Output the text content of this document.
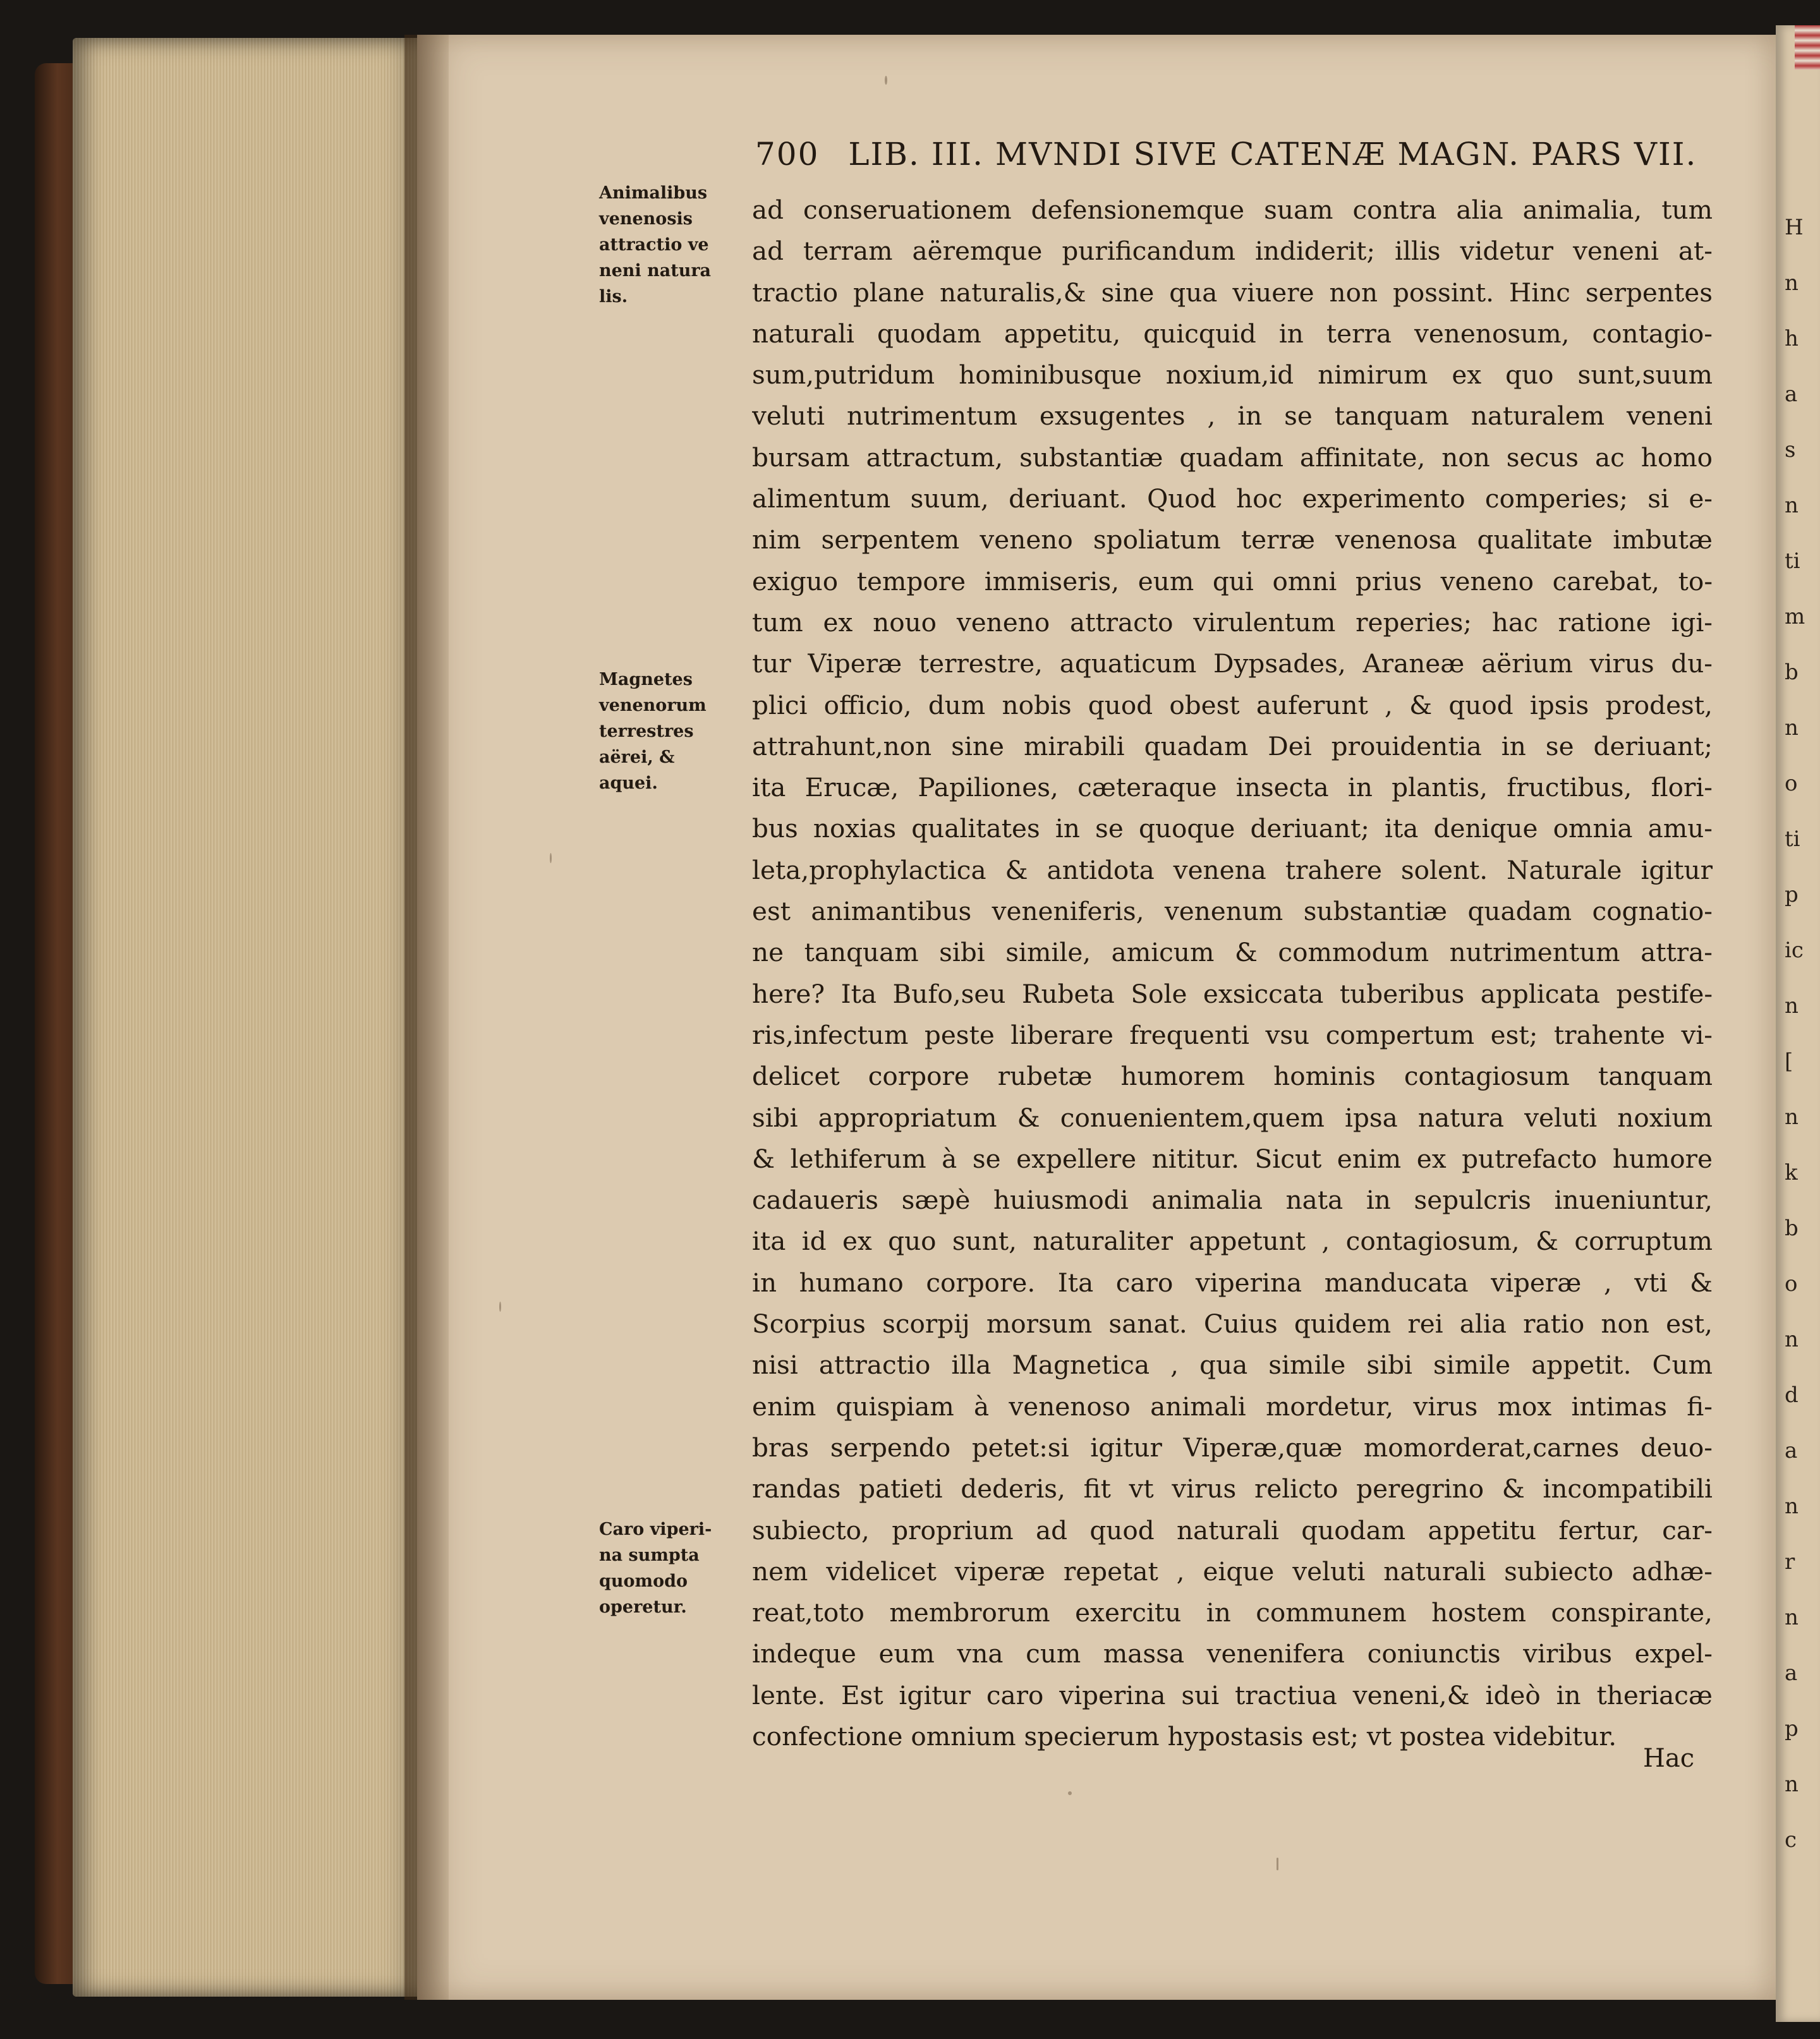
H
n
h
a
s
n
ti
m
b
n
o
ti
p
ic
n
[
n
k
b
o
n
d
a
n
r
n
a
p
n
c
700 LIB. III. MVNDI SIVE CATENÆ MAGN. PARS VII.
Animalibus
venenosis
attractio ve
neni natura
lis.
Magnetes
venenorum
terrestres
aërei, &
aquei.
Caro viperi-
na sumpta
quomodo
operetur.
ad conseruationem defensionemque suam contra alia animalia, tum
ad terram aëremque purificandum indiderit; illis videtur veneni at-
tractio plane naturalis,& sine qua viuere non possint. Hinc serpentes
naturali quodam appetitu, quicquid in terra venenosum, contagio-
sum,putridum hominibusque noxium,id nimirum ex quo sunt,suum
veluti nutrimentum exsugentes , in se tanquam naturalem veneni
bursam attractum, substantiæ quadam affinitate, non secus ac homo
alimentum suum, deriuant. Quod hoc experimento comperies; si e-
nim serpentem veneno spoliatum terræ venenosa qualitate imbutæ
exiguo tempore immiseris, eum qui omni prius veneno carebat, to-
tum ex nouo veneno attracto virulentum reperies; hac ratione igi-
tur Viperæ terrestre, aquaticum Dypsades, Araneæ aërium virus du-
plici officio, dum nobis quod obest auferunt , & quod ipsis prodest,
attrahunt,non sine mirabili quadam Dei prouidentia in se deriuant;
ita Erucæ, Papiliones, cæteraque insecta in plantis, fructibus, flori-
bus noxias qualitates in se quoque deriuant; ita denique omnia amu-
leta,prophylactica & antidota venena trahere solent. Naturale igitur
est animantibus veneniferis, venenum substantiæ quadam cognatio-
ne tanquam sibi simile, amicum & commodum nutrimentum attra-
here? Ita Bufo,seu Rubeta Sole exsiccata tuberibus applicata pestife-
ris,infectum peste liberare frequenti vsu compertum est; trahente vi-
delicet corpore rubetæ humorem hominis contagiosum tanquam
sibi appropriatum & conuenientem,quem ipsa natura veluti noxium
& lethiferum à se expellere nititur. Sicut enim ex putrefacto humore
cadaueris sæpè huiusmodi animalia nata in sepulcris inueniuntur,
ita id ex quo sunt, naturaliter appetunt , contagiosum, & corruptum
in humano corpore. Ita caro viperina manducata viperæ , vti &
Scorpius scorpij morsum sanat. Cuius quidem rei alia ratio non est,
nisi attractio illa Magnetica , qua simile sibi simile appetit. Cum
enim quispiam à venenoso animali mordetur, virus mox intimas fi-
bras serpendo petet:si igitur Viperæ,quæ momorderat,carnes deuo-
randas patieti dederis, fit vt virus relicto peregrino & incompatibili
subiecto, proprium ad quod naturali quodam appetitu fertur, car-
nem videlicet viperæ repetat , eique veluti naturali subiecto adhæ-
reat,toto membrorum exercitu in communem hostem conspirante,
indeque eum vna cum massa venenifera coniunctis viribus expel-
lente. Est igitur caro viperina sui tractiua veneni,& ideò in theriacæ
confectione omnium specierum hypostasis est; vt postea videbitur.
Hac
